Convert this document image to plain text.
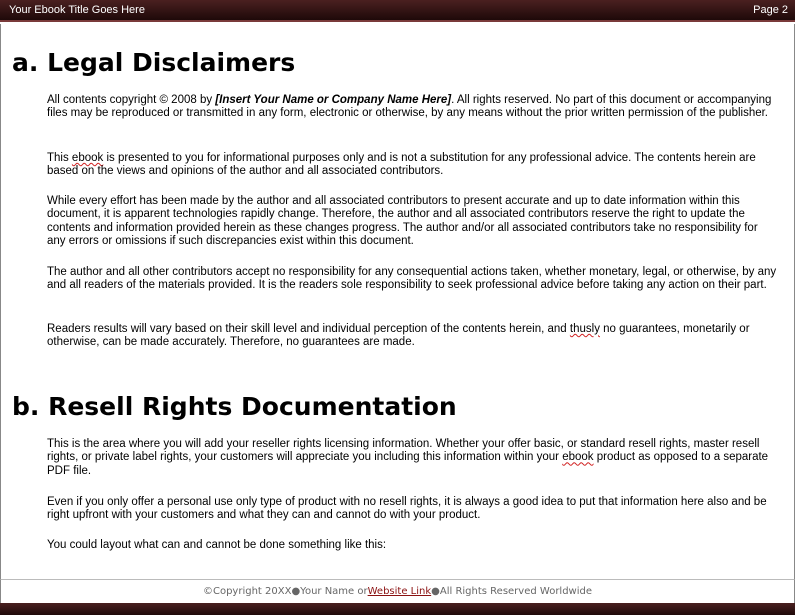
Your Ebook Title Goes Here	Page 2
a. Legal Disclaimers

All contents copyright © 2008 by [Insert Your Name or Company Name Here]. All rights reserved. No part of this document or accompanying files may be reproduced or transmitted in any form, electronic or otherwise, by any means without the prior written permission of the publisher.

This ebook is presented to you for informational purposes only and is not a substitution for any professional advice. The contents herein are based on the views and opinions of the author and all associated contributors.

While every effort has been made by the author and all associated contributors to present accurate and up to date information within this document, it is apparent technologies rapidly change. Therefore, the author and all associated contributors reserve the right to update the contents and information provided herein as these changes progress. The author and/or all associated contributors take no responsibility for any errors or omissions if such discrepancies exist within this document.

The author and all other contributors accept no responsibility for any consequential actions taken, whether monetary, legal, or otherwise, by any and all readers of the materials provided. It is the readers sole responsibility to seek professional advice before taking any action on their part.

Readers results will vary based on their skill level and individual perception of the contents herein, and thusly no guarantees, monetarily or otherwise, can be made accurately. Therefore, no guarantees are made.

b. Resell Rights Documentation

This is the area where you will add your reseller rights licensing information. Whether your offer basic, or standard resell rights, master resell rights, or private label rights, your customers will appreciate you including this information within your ebook product as opposed to a separate PDF file.

Even if you only offer a personal use only type of product with no resell rights, it is always a good idea to put that information here also and be right upfront with your customers and what they can and cannot do with your product.

You could layout what can and cannot be done something like this:

©Copyright 20XX ● Your Name or Website Link ● All Rights Reserved Worldwide
